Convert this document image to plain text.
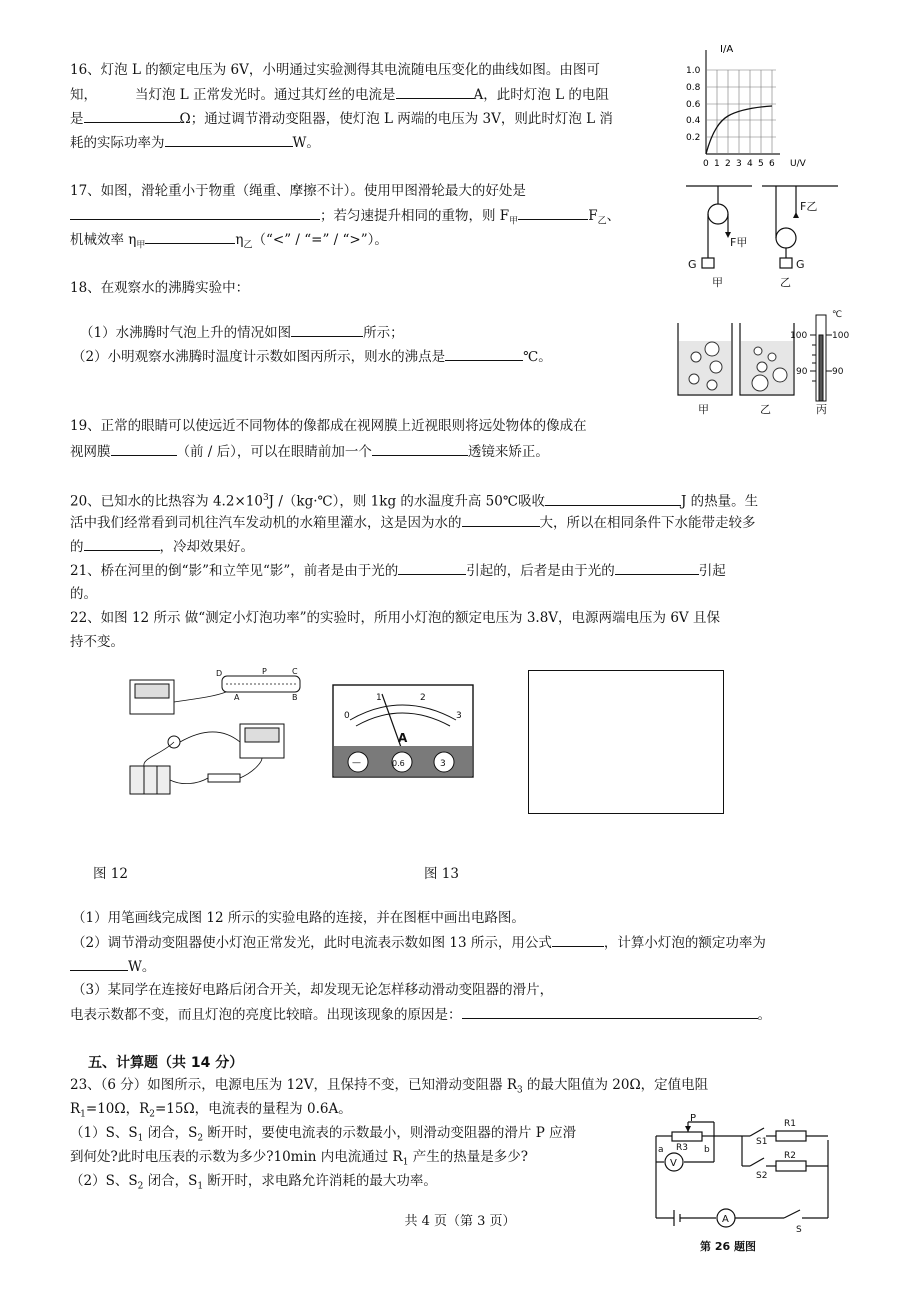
16、灯泡 L 的额定电压为 6V，小明通过实验测得其电流随电压变化的曲线如图。由图可
知，	当灯泡 L 正常发光时。通过其灯丝的电流是	A，此时灯泡 L 的电阻
是	Ω；通过调节滑动变阻器，使灯泡 L 两端的电压为 3V，则此时灯泡 L 消
耗的实际功率为	W。
I/A
1.0
0.8
0.6
0.4
0.2
0 1 2 3 4 5 6 U/V
17、如图，滑轮重小于物重（绳重、摩擦不计）。使用甲图滑轮最大的好处是
；若匀速提升相同的重物，则 $F_甲$	$F_乙$、
机械效率 $\eta_甲$	$\eta_乙(“<$” / “=” / “>”）。	F甲
F乙
G	G
甲	乙
18、在观察水的沸腾实验中：
（1）水沸腾时气泡上升的情况如图	所示；
（2）小明观察水沸腾时温度计示数如图丙所示，则水的沸点是	℃。
℃
100	100
90	90
甲	乙	丙
19、正常的眼睛可以使远近不同物体的像都成在视网膜上近视眼则将远处物体的像成在
视网膜	（前 / 后），可以在眼睛前加一个	透镜来矫正。
20、已知水的比热容为 $4.2\times 10^3J$ /（kg·℃），则 1kg 的水温度升高 50℃吸收	J 的热量。生
活中我们经常看到司机往汽车发动机的水箱里灌水，这是因为水的	大，所以在相同条件下水能带走较多
的	，冷却效果好。
21、桥在河里的倒“影”和立竿见“影”，前者是由于光的	引起的，后者是由于光的	引起
的。
22、如图 12 所示 做“测定小灯泡功率”的实验时，所用小灯泡的额定电压为 3.8V，电源两端电压为 6V 且保
持不变。
D	C
A	B
P
0
1	2
3
A
—	0.6	3
图 12	图 13
（1）用笔画线完成图 12 所示的实验电路的连接，并在图框中画出电路图。
（2）调节滑动变阻器使小灯泡正常发光，此时电流表示数如图 13 所示，用公式	，计算小灯泡的额定功率为
W。
（3）某同学在连接好电路后闭合开关，却发现无论怎样移动滑动变阻器的滑片，
电表示数都不变，而且灯泡的亮度比较暗。出现该现象的原因是：	。
五、计算题（共 14 分）
23、（6 分）如图所示，电源电压为 12V，且保持不变，已知滑动变阻器 $R_3$ 的最大阻值为 20Ω，定值电阻
$R_1=10\Omega$，$R_2=15\Omega$，电流表的量程为 0.6A。
（1）S、$S_1$ 闭合，$S_2$ 断开时，要使电流表的示数最小，则滑动变阻器的滑片 P 应滑
到何处?此时电压表的示数为多少?10min 内电流通过 $R_1$ 产生的热量是多少?
（2）S、$S_2$ 闭合，$S_1$ 断开时，求电路允许消耗的最大功率。
P
R3
a	b
V
S1
S2
R1
R2
A
S
第 26 题图
共 4 页（第 3 页）
